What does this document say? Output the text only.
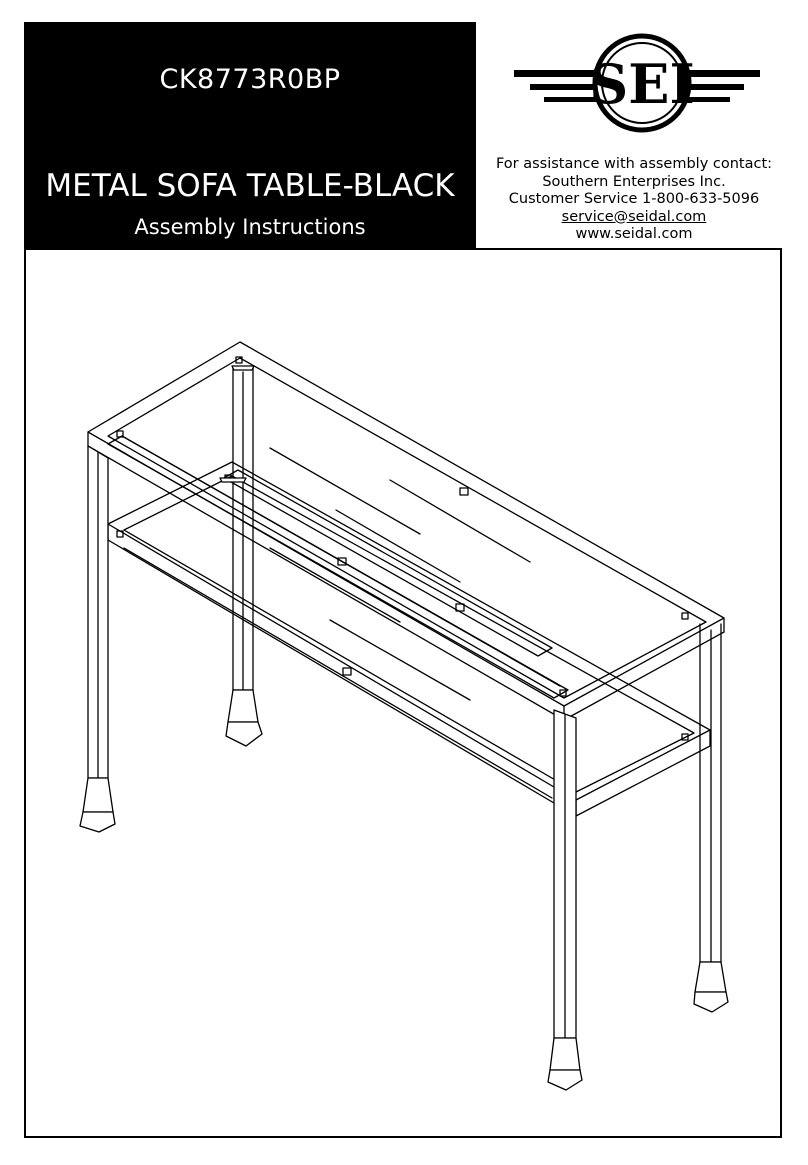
CK8773R0BP
METAL SOFA TABLE-BLACK
Assembly Instructions
SEI
For assistance with assembly contact:
Southern Enterprises Inc.
Customer Service 1-800-633-5096
service@seidal.com
www.seidal.com
